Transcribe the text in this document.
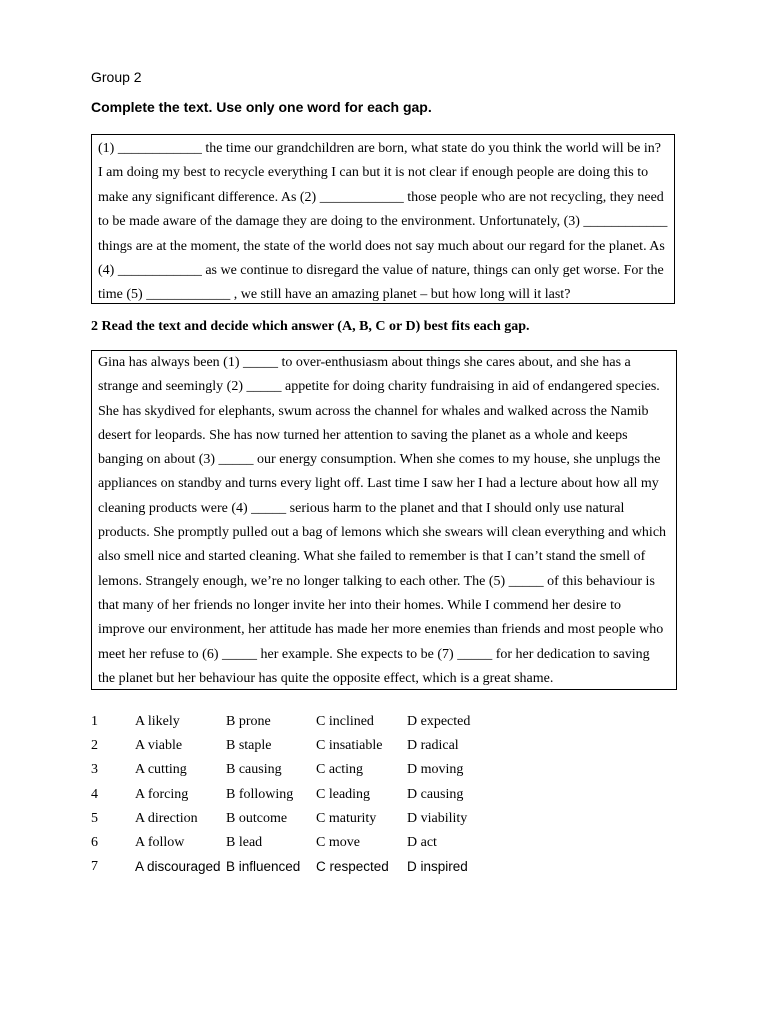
Group 2
Complete the text. Use only one word for each gap.

(1) ____________ the time our grandchildren are born, what state do you think the world will be in? I am doing my best to recycle everything I can but it is not clear if enough people are doing this to make any significant difference. As (2) ____________ those people who are not recycling, they need to be made aware of the damage they are doing to the environment. Unfortunately, (3) ____________ things are at the moment, the state of the world does not say much about our regard for the planet. As (4) ____________ as we continue to disregard the value of nature, things can only get worse. For the time (5) ____________ , we still have an amazing planet – but how long will it last?

2 Read the text and decide which answer (A, B, C or D) best fits each gap.

Gina has always been (1) _____ to over-enthusiasm about things she cares about, and she has a strange and seemingly (2) _____ appetite for doing charity fundraising in aid of endangered species. She has skydived for elephants, swum across the channel for whales and walked across the Namib desert for leopards. She has now turned her attention to saving the planet as a whole and keeps banging on about (3) _____ our energy consumption. When she comes to my house, she unplugs the appliances on standby and turns every light off. Last time I saw her I had a lecture about how all my cleaning products were (4) _____ serious harm to the planet and that I should only use natural products. She promptly pulled out a bag of lemons which she swears will clean everything and which also smell nice and started cleaning. What she failed to remember is that I can’t stand the smell of lemons. Strangely enough, we’re no longer talking to each other. The (5) _____ of this behaviour is that many of her friends no longer invite her into their homes. While I commend her desire to improve our environment, her attitude has made her more enemies than friends and most people who meet her refuse to (6) _____ her example. She expects to be (7) _____ for her dedication to saving the planet but her behaviour has quite the opposite effect, which is a great shame.

1	A likely	B prone	C inclined D expected
2	A viable	B staple	C insatiable D radical
3	A cutting	B causing C acting	D moving
4	A forcing	B following C leading	D causing
5	A direction B outcome C maturity D viability
6	A follow	B lead	C move	D act
7	A discouraged B influenced C respected D inspired
